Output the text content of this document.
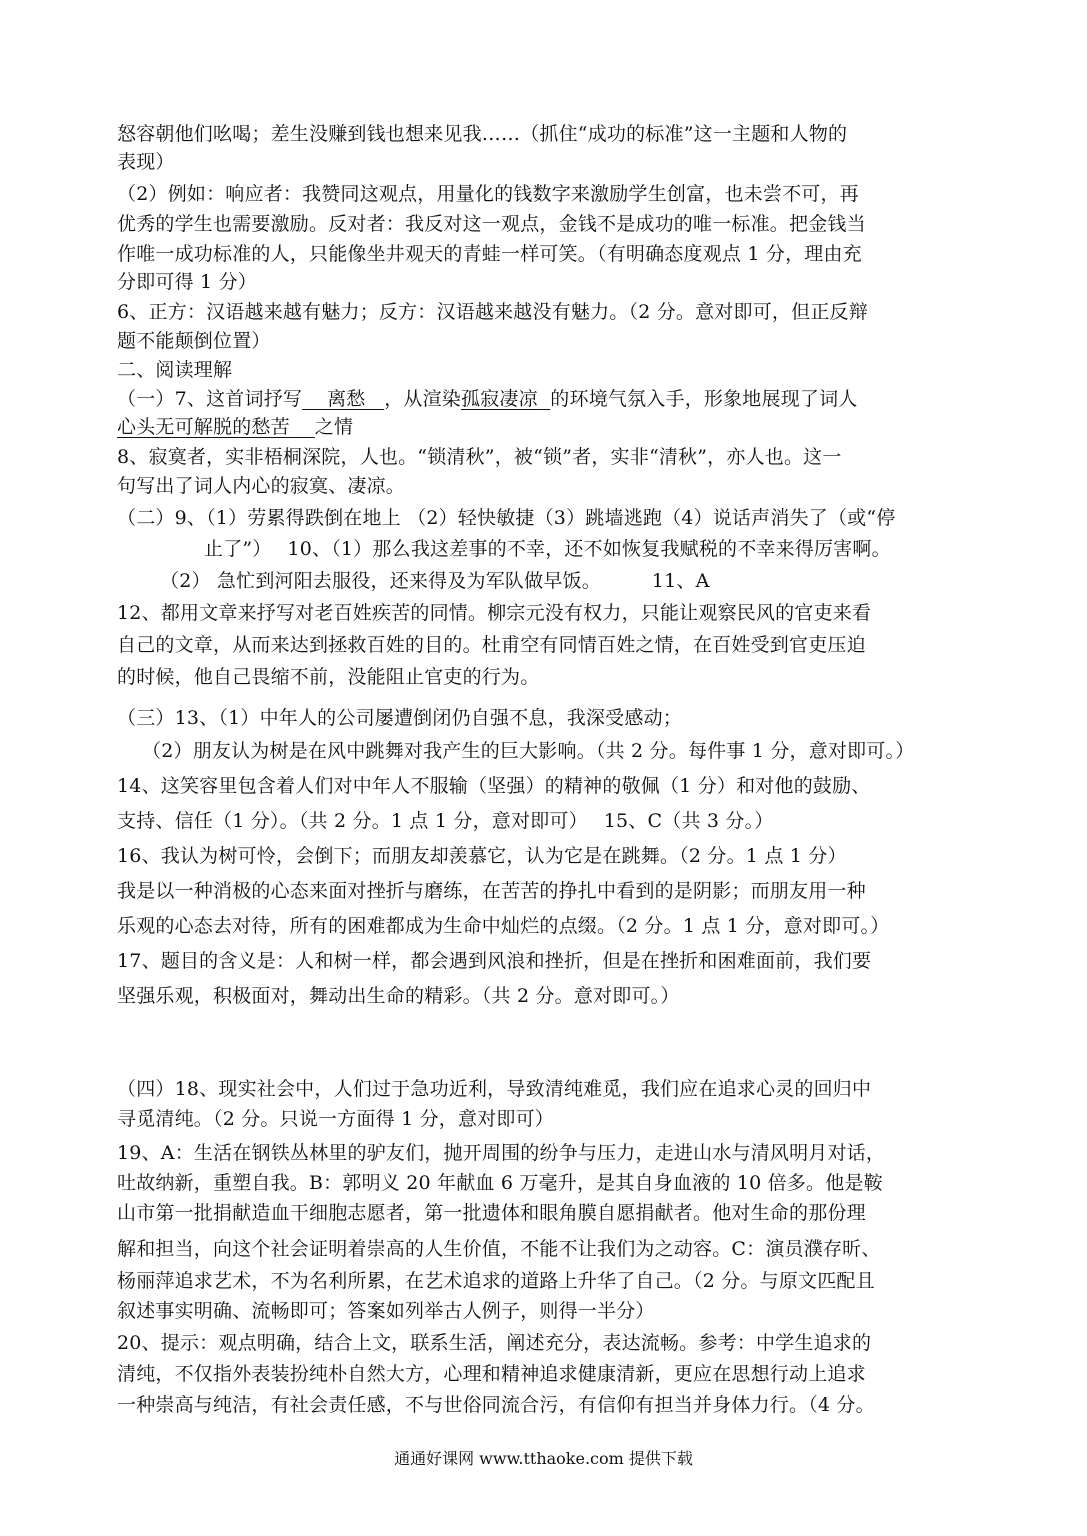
怒容朝他们吆喝；差生没赚到钱也想来见我……（抓住“成功的标准”这一主题和人物的
表现）
（2）例如：响应者：我赞同这观点，用量化的钱数字来激励学生创富，也未尝不可，再
优秀的学生也需要激励。反对者：我反对这一观点，金钱不是成功的唯一标准。把金钱当
作唯一成功标准的人，只能像坐井观天的青蛙一样可笑。（有明确态度观点 1 分，理由充
分即可得 1 分）
6、正方：汉语越来越有魅力；反方：汉语越来越没有魅力。（2 分。意对即可，但正反辩
题不能颠倒位置）
二、阅读理解
（一）7、这首词抒写 离愁 ，从渲染孤寂凄凉 的环境气氛入手，形象地展现了词人
心头无可解脱的愁苦 之情
8、寂寞者，实非梧桐深院，人也。“锁清秋”，被“锁”者，实非“清秋”，亦人也。这一
句写出了词人内心的寂寞、凄凉。
（二）9、（1）劳累得跌倒在地上 （2）轻快敏捷（3）跳墙逃跑（4）说话声消失了（或“停
止了”）　 10、（1）那么我这差事的不幸，还不如恢复我赋税的不幸来得厉害啊。
（2） 急忙到河阳去服役，还来得及为军队做早饭。 　　 11、A
12、都用文章来抒写对老百姓疾苦的同情。柳宗元没有权力，只能让观察民风的官吏来看
自己的文章，从而来达到拯救百姓的目的。杜甫空有同情百姓之情，在百姓受到官吏压迫
的时候，他自己畏缩不前，没能阻止官吏的行为。
（三）13、（1）中年人的公司屡遭倒闭仍自强不息，我深受感动；
（2）朋友认为树是在风中跳舞对我产生的巨大影响。（共 2 分。每件事 1 分，意对即可。）
14、这笑容里包含着人们对中年人不服输（坚强）的精神的敬佩（1 分）和对他的鼓励、
支持、信任（1 分）。（共 2 分。1 点 1 分，意对即可）　 15、C（共 3 分。）
16、我认为树可怜，会倒下；而朋友却羡慕它，认为它是在跳舞。（2 分。1 点 1 分）
我是以一种消极的心态来面对挫折与磨练，在苦苦的挣扎中看到的是阴影；而朋友用一种
乐观的心态去对待，所有的困难都成为生命中灿烂的点缀。（2 分。1 点 1 分，意对即可。）
17、题目的含义是：人和树一样，都会遇到风浪和挫折，但是在挫折和困难面前，我们要
坚强乐观，积极面对，舞动出生命的精彩。（共 2 分。意对即可。）
（四）18、现实社会中，人们过于急功近利，导致清纯难觅，我们应在追求心灵的回归中
寻觅清纯。（2 分。只说一方面得 1 分，意对即可）
19、A：生活在钢铁丛林里的驴友们，抛开周围的纷争与压力，走进山水与清风明月对话，
吐故纳新，重塑自我。B：郭明义 20 年献血 6 万毫升，是其自身血液的 10 倍多。他是鞍
山市第一批捐献造血干细胞志愿者，第一批遗体和眼角膜自愿捐献者。他对生命的那份理
解和担当，向这个社会证明着崇高的人生价值，不能不让我们为之动容。C：演员濮存昕、
杨丽萍追求艺术，不为名利所累，在艺术追求的道路上升华了自己。（2 分。与原文匹配且
叙述事实明确、流畅即可；答案如列举古人例子，则得一半分）
20、提示：观点明确，结合上文，联系生活，阐述充分，表达流畅。参考：中学生追求的
清纯，不仅指外表装扮纯朴自然大方，心理和精神追求健康清新，更应在思想行动上追求
一种崇高与纯洁，有社会责任感，不与世俗同流合污，有信仰有担当并身体力行。（4 分。
通通好课网 www.tthaoke.com 提供下载
